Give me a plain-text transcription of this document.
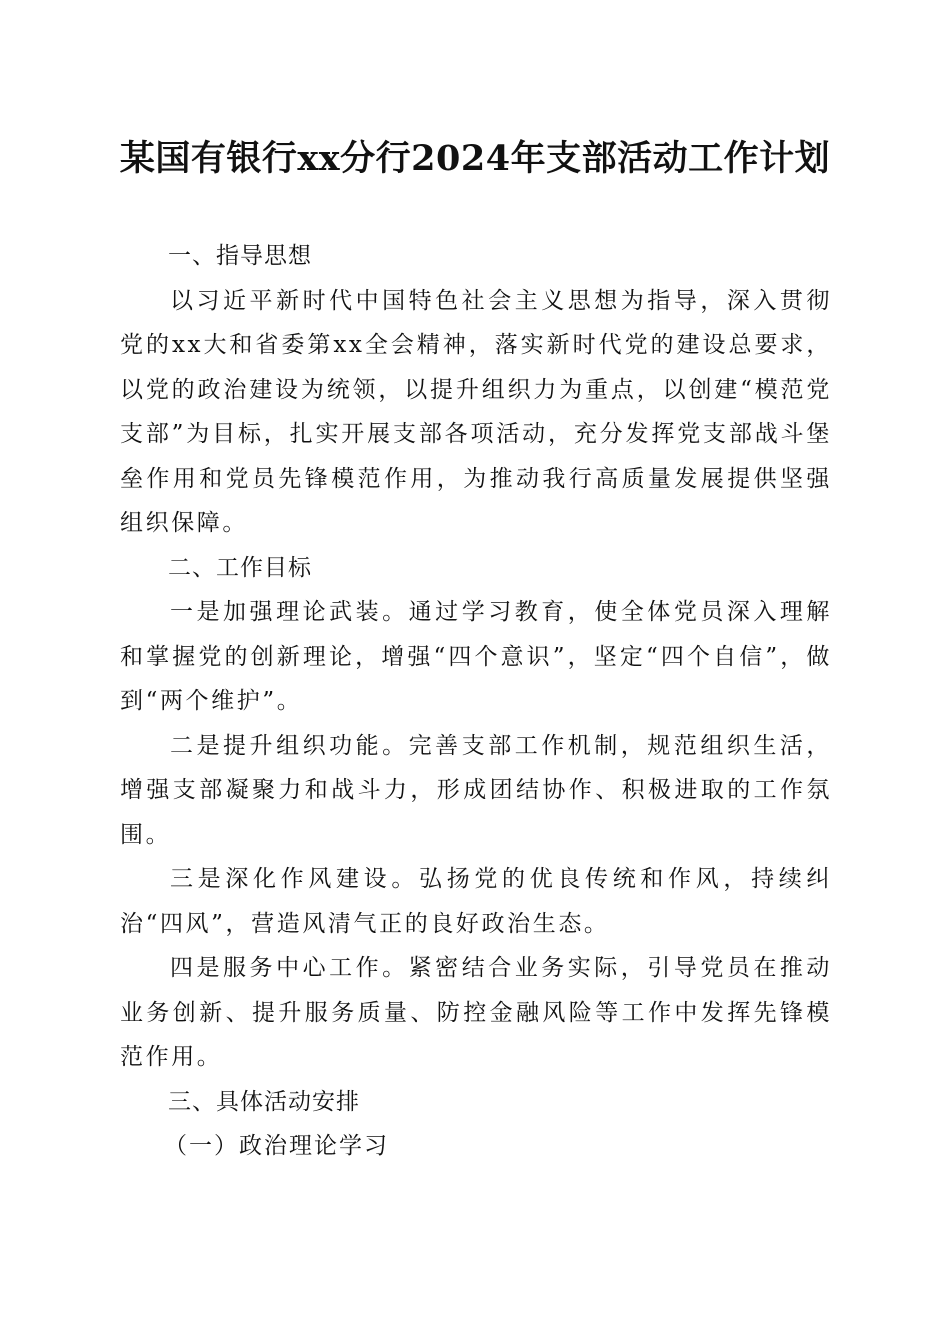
某国有银行xx分行2024年支部活动工作计划
一、指导思想

以习近平新时代中国特色社会主义思想为指导，深入贯彻党的xx大和省委第xx全会精神，落实新时代党的建设总要求，以党的政治建设为统领，以提升组织力为重点，以创建“模范党支部”为目标，扎实开展支部各项活动，充分发挥党支部战斗堡垒作用和党员先锋模范作用，为推动我行高质量发展提供坚强组织保障。

二、工作目标

一是加强理论武装。通过学习教育，使全体党员深入理解和掌握党的创新理论，增强“四个意识”，坚定“四个自信”，做到“两个维护”。

二是提升组织功能。完善支部工作机制，规范组织生活，增强支部凝聚力和战斗力，形成团结协作、积极进取的工作氛围。

三是深化作风建设。弘扬党的优良传统和作风，持续纠治“四风”，营造风清气正的良好政治生态。

四是服务中心工作。紧密结合业务实际，引导党员在推动业务创新、提升服务质量、防控金融风险等工作中发挥先锋模范作用。

三、具体活动安排

（一）政治理论学习
